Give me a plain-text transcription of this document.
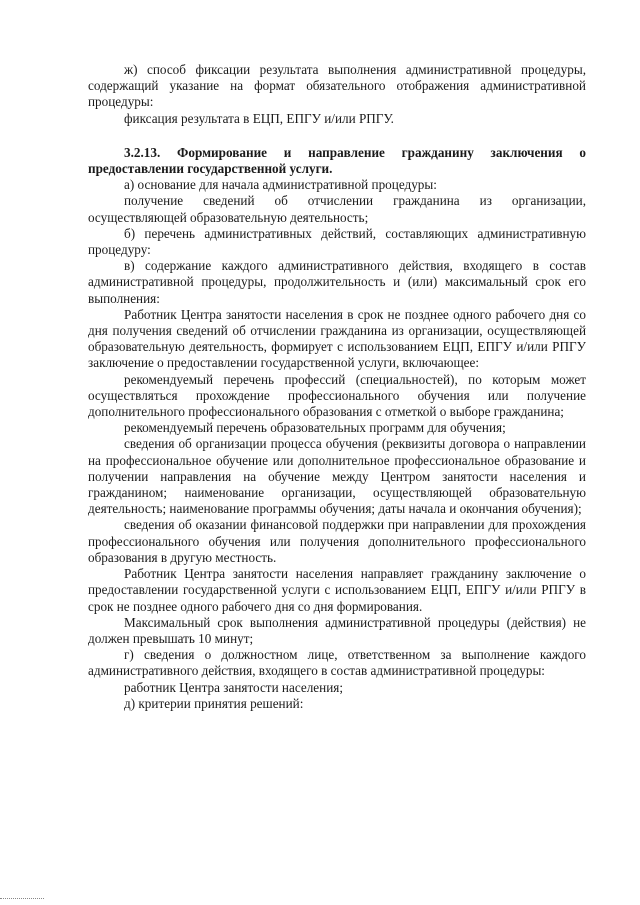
ж) способ фиксации результата выполнения административной процедуры, содержащий указание на формат обязательного отображения административной процедуры:

фиксация результата в ЕЦП, ЕПГУ и/или РПГУ.

3.2.13. Формирование и направление гражданину заключения о предоставлении государственной услуги.

а) основание для начала административной процедуры:

получение сведений об отчислении гражданина из организации, осуществляющей образовательную деятельность;

б) перечень административных действий, составляющих административную процедуру:

в) содержание каждого административного действия, входящего в состав административной процедуры, продолжительность и (или) максимальный срок его выполнения:

Работник Центра занятости населения в срок не позднее одного рабочего дня со дня получения сведений об отчислении гражданина из организации, осуществляющей образовательную деятельность, формирует с использованием ЕЦП, ЕПГУ и/или РПГУ заключение о предоставлении государственной услуги, включающее:

рекомендуемый перечень профессий (специальностей), по которым может осуществляться прохождение профессионального обучения или получение дополнительного профессионального образования с отметкой о выборе гражданина;

рекомендуемый перечень образовательных программ для обучения;

сведения об организации процесса обучения (реквизиты договора о направлении на профессиональное обучение или дополнительное профессиональное образование и получении направления на обучение между Центром занятости населения и гражданином; наименование организации, осуществляющей образовательную деятельность; наименование программы обучения; даты начала и окончания обучения);

сведения об оказании финансовой поддержки при направлении для прохождения профессионального обучения или получения дополнительного профессионального образования в другую местность.

Работник Центра занятости населения направляет гражданину заключение о предоставлении государственной услуги с использованием ЕЦП, ЕПГУ и/или РПГУ в срок не позднее одного рабочего дня со дня формирования.

Максимальный срок выполнения административной процедуры (действия) не должен превышать 10 минут;

г) сведения о должностном лице, ответственном за выполнение каждого административного действия, входящего в состав административной процедуры:

работник Центра занятости населения;

д) критерии принятия решений:
